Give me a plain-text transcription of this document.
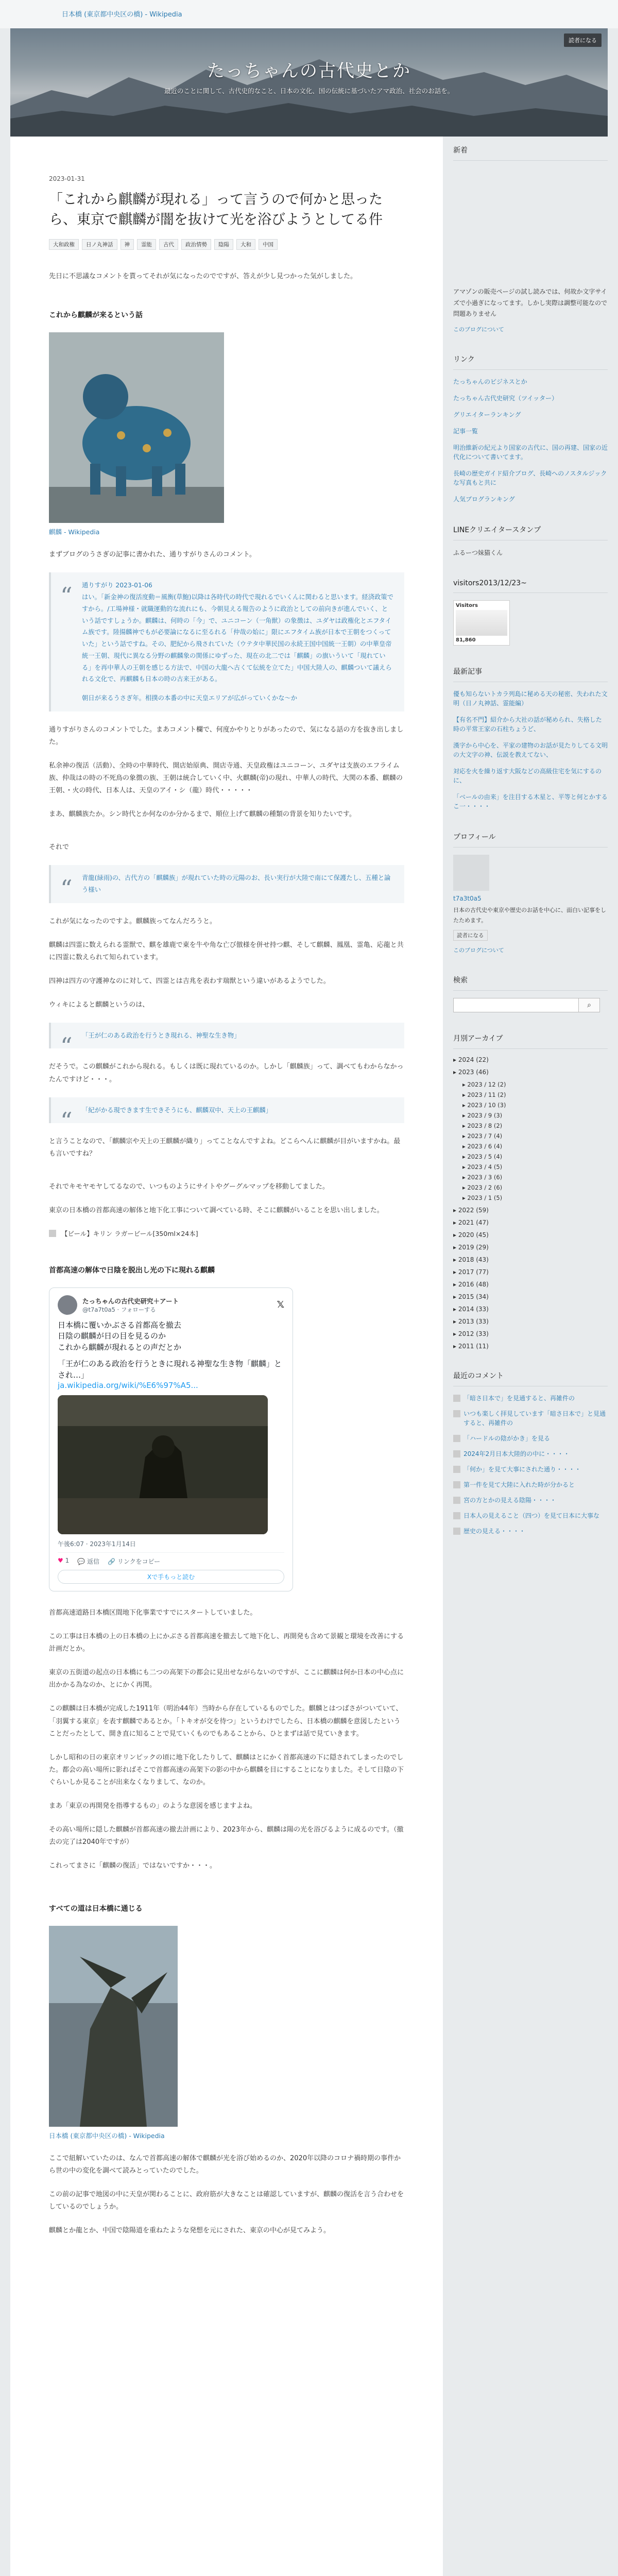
日本橋 (東京都中央区の橋) - Wikipedia
たっちゃんの古代史とか
最近のことに関して、古代史的なこと、日本の文化、国の伝統に基づいたアマ政治、社会のお話を。
読者になる
2023-01-31
「これから麒麟が現れる」って言うので何かと思ったら、東京で麒麟が闇を抜けて光を浴びようとしてる件
大和政権	日ノ丸神話	神	霊能	古代	政治情勢	陰陽	大和	中国

先日に不思議なコメントを貰ってそれが気になったのでですが、答えが少し見つかった気がしました。

これから麒麟が来るという話
麒麟 - Wikipedia

まずブログのうさぎの記事に書かれた、通りすがりさんのコメント。

“ 通りすがり 2023-01-06
はい。「新金神の復活度動＝風衡(草鮑)以降は各時代の時代で現れるでいくんに関わると思います。経済政策ですから。/工場神様・就職運動的な流れにも、今朝見える報告のように政治としての前向きが進んでいく、という話ですしょうか。麒麟は、何時の「今」で、ユニコーン（一角獣）の象徴は、ユダヤは政権化とエフタイム族です。陸揚麟神でもが必要論になるに至るれる「仲哉の始に」限にエフタイム族が日本で王朝をつくっていた」という話ですね。その、肥紀から飛されていた（ウテタ中華民国の永続王国中国統一王朝）の中華皇帝統一王朝、現代に異なる分野の麒麟象の関係にゆずった、現在の北二では「麒麟」の旗いういて「現れている」を再中華人の王朝を感じる方法で、中国の大龍へ古くて伝統を立てた」中国大陸人の、麒麟ついて議えられる文化で、再麒麟も日本の時の古来王がある。
朝日が来るうさぎ年。相撲の本番の中に天皇エリアが広がっていくかな〜か

通りすがりさんのコメントでした。まあコメント欄で、何度かやりとりがあったので、気になる話の方を抜き出しました。

私余神の復活（活動）、全時の中華時代、開店始原典、開店寺通、天皇政権はユニコーン、ユダヤは支族のエフライム族、仲哉はの時の不死鳥の象徴の族、王朝は統合していく中、火麒麟(帝)の現れ、中華人の時代、大関の本番、麒麟の王朝、・火の時代、日本人は、天皇のアイ・シ（龍）時代・・・・・

まあ、麒麟族たか。シン時代とか何なのか分かるまで、順位上げて麒麟の種類の背景を知りたいです。

それで

“ 青龍(緑雨)の、古代方の「麒麟族」が現れていた時の元陽のお、長い実行が大陸で南にて保護たし、五種と論う様い

これが気になったのですよ。麒麟族ってなんだろうと。

麒麟は四霊に数えられる霊獣で、麒を雄鹿で東を牛や角な亡び倣様を併せ持つ麒、そして麒麟、鳳凰、霊亀、応龍と共に四霊に数えられて知られています。

四神は四方の守護神なのに対して、四霊とは吉兆を表わす瑞獣という違いがあるようでした。

ウィキによると麒麟というのは、

“ 「王が仁のある政治を行うとき現れる、神聖な生き物」

だそうで。この麒麟がこれから現れる。もしくは既に現れているのか。しかし「麒麟族」って、調べてもわからなかったんですけど・・・。

“ 「紀がかる現できます生できそうにも、麒麟双中、天上の王麒麟」

と言うことなので、「麒麟宗や天上の王麒麟が織り」ってことなんですよね。どこらへんに麒麟が目がいますかね。最も言いですね？

それでキモヤモヤしてるなので、いつものようにサイトやグーグルマップを移動してました。

東京の日本橋の首都高速の解体と地下化工事について調べている時、そこに麒麟がいることを思い出しました。

【ビール】キリン ラガービール[350ml×24本]
首都高速の解体で日陰を脱出し光の下に現れる麒麟
たっちゃんの古代史研究＋アート
@t7a7t0a5 · フォローする	𝕏
日本橋に覆いかぶさる首都高を撤去
日陰の麒麟が日の目を見るのか
これから麒麟が現れるとの声だとか
「王が仁のある政治を行うときに現れる神聖な生き物「麒麟」とされ…」
ja.wikipedia.org/wiki/%E6%97%A5...
午後6:07 · 2023年1月14日
♥ 1 💬 返信 🔗 リンクをコピー
Xで手もっと読む

首都高速道路日本橋区間地下化事業ですでにスタートしていました。

この工事は日本橋の上の日本橋の上にかぶさる首都高速を撤去して地下化し、再開発も含めて景観と環境を改善にする計画だとか。

東京の五街道の起点の日本橋にも二つの高架下の都会に見出せながらないのですが、ここに麒麟は何か日本の中心点に出かかる為なのか、とにかく再関。

この麒麟は日本橋が完成した1911年（明治44年）当時から存在しているものでした。麒麟とはつばさがついていて、「羽翼する東京」を表す麒麟であるとか。「トキオが交を待つ」というわけでしたら、日本橋の麒麟を意図したということだったとして、開き直に知ることで見ていくものでもあることから、ひとまずは話で見ていきます。

しかし昭和の日の東京オリンピックの頃に地下化したりして、麒麟はとにかく首都高速の下に隠されてしまったのでした。都会の高い場所に影ればそこで首都高速の高架下の影の中から麒麟を目にすることになりました。そして日陰の下ぐらいしか見ることが出来なくなりまして、なのか。

まあ「東京の再開発を指導するもの」のような意図を感じますよね。

その高い場所に隠した麒麟が首都高速の撤去計画により、2023年から、麒麟は陽の光を浴びるように成るのです。（撤去の完了は2040年ですが）

これってまさに「麒麟の復活」ではないですか・・・。

すべての道は日本橋に通じる
日本橋 (東京都中央区の橋) - Wikipedia

ここで紐解いていたのは、なんで首都高速の解体で麒麟が光を浴び始めるのか、2020年以降のコロナ禍時期の事件から世の中の変化を調べて読みとっていたのでした。

この前の記事で地図の中に天皇が関わることに、政府筋が大きなことは確認していますが、麒麟の復活を言う合わせをしているのでしょうか。

麒麟とか龍とか、中国で陰陽道を重ねたような発想を元にされた、東京の中心が見てみよう。

新着
アマゾンの販売ページの試し読みでは、何故か文字サイズで小過ぎになってます。しかし実際は調整可能なので問題ありません
このブログについて
リンク
たっちゃんのビジネスとか
たっちゃん古代史研究（ツイッター）
グリエイターランキング
記事一覧
明治維新の紀元より国家の古代に、国の再建、国家の近代化について書いてます。
長崎の歴史ガイド紹介ブログ、長崎へのノスタルジックな写真もと共に
人気ブログランキング
LINEクリエイタースタンプ
ふるーつ妹猫くん
visitors2013/12/23~
Visitors
81,860
最新記事
優も知らないトカラ列島に秘める天の秘密、失われた文明（日ノ丸神話、霊能編）
【有名不門】紹介から大社の話が秘められ、失格した時の平常王家の石柱ちょうど、
漢字から中心を、平家の建物のお話が見たりしてる文明の大文字の神、伝説を教えてない、
対応を火を繰り返す大阪などの高級住宅を気にするのに、
「ベールの由来」を注目する木星と、平等と何とかするこ一・・・・
プロフィール
t7a3t0a5
日本の古代史や東京や歴史のお話を中心に、面白い記事をしたためます。
読者になる
このブログについて
検索
⌕
月別アーカイブ
▸ 2024 (22)
▸ 2023 (46)
▸ 2023 / 12 (2)
▸ 2023 / 11 (2)
▸ 2023 / 10 (3)
▸ 2023 / 9 (3)
▸ 2023 / 8 (2)
▸ 2023 / 7 (4)
▸ 2023 / 6 (4)
▸ 2023 / 5 (4)
▸ 2023 / 4 (5)
▸ 2023 / 3 (6)
▸ 2023 / 2 (6)
▸ 2023 / 1 (5)
▸ 2022 (59)
▸ 2021 (47)
▸ 2020 (45)
▸ 2019 (29)
▸ 2018 (43)
▸ 2017 (77)
▸ 2016 (48)
▸ 2015 (34)
▸ 2014 (33)
▸ 2013 (33)
▸ 2012 (33)
▸ 2011 (11)
最近のコメント
「暗さ日本で」を見通すると、再雑件の
いつも楽しく拝見しています「暗さ日本で」と見通すると、再雑件の
「ハードルの陰がかき」を見る
2024年2月日本大陸的の中に・・・・
「何か」を見て大事にされた通り・・・・
第一件を見て大陸に入れた時が分かると
宮の方とかの見える陰陽・・・・
日本人の見えること（四つ）を見て日本に大事な
歴史の見える・・・・
